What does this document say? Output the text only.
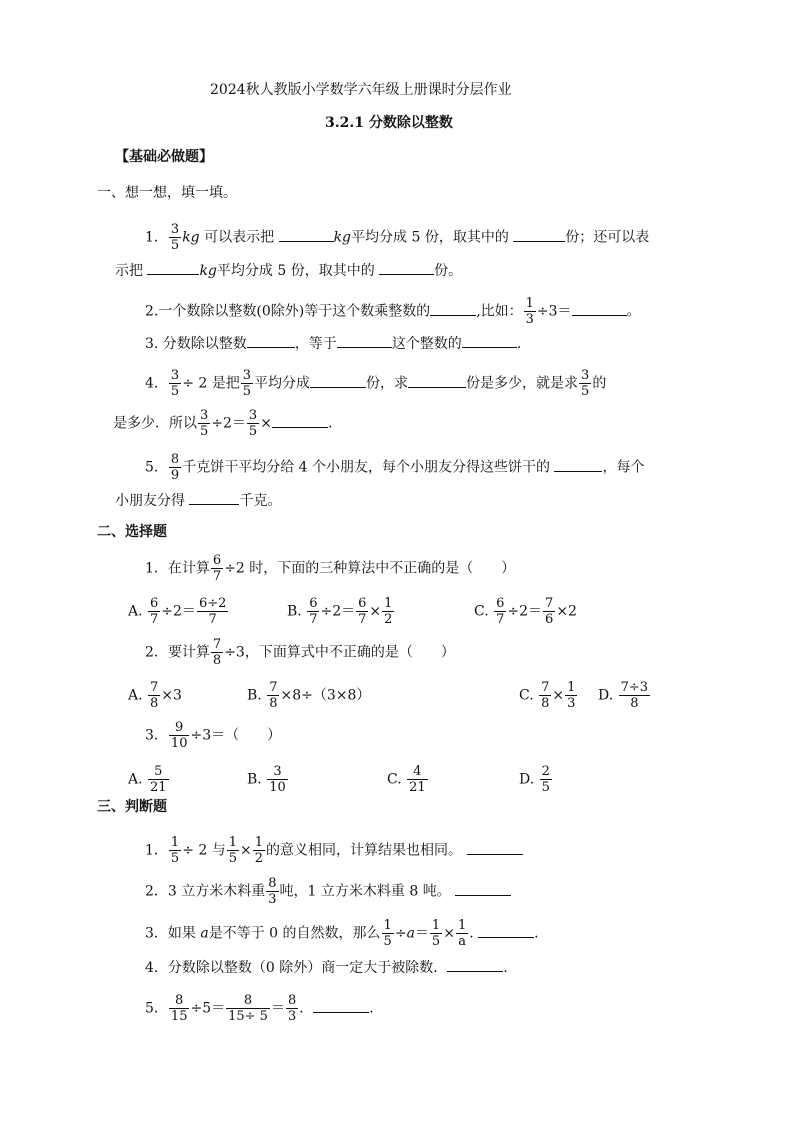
2024秋人教版小学数学六年级上册课时分层作业
3.2.1 分数除以整数
【基础必做题】
一、想一想，填一填。
1． $\frac{3}{5}$ kg 可以表示把	kg平均分成 5 份，取其中的	份；还可以表
示把	kg平均分成 5 份，取其中的	份。
2.一个数除以整数(0除外)等于这个数乘整数的	,比如： $\frac{1}{3} \div 3=$	。
3. 分数除以整数	，等于	这个整数的	.
4． $\frac{3}{5} \div 2$ 是把 $\frac{3}{5}$ 平均分成	份，求	份是多少，就是求 $\frac{3}{5}$ 的
是多少．所以 $\frac{3}{5} \div 2= \frac{3}{5}$ ×	.
5． $\frac{8}{9}$ 千克饼干平均分给 4 个小朋友，每个小朋友分得这些饼干的	，每个
小朋友分得	千克。
二、选择题
1．在计算 $\frac{6}{7} \div 2$ 时，下面的三种算法中不正确的是（　　）
A. $\frac{6}{7} \div 2= \frac{6\div 2}{7}$	B. $\frac{6}{7} \div 2= \frac{6}{7} \times \frac{1}{2}$	C. $\frac{6}{7} \div 2= \frac{7}{6} \times 2$
2．要计算 $\frac{7}{8} \div 3$，下面算式中不正确的是（　　）
A. $\frac{7}{8} \times 3$	B. $\frac{7}{8} \times 8\div(3\times 8)$	C. $\frac{7}{8} \times \frac{1}{3} D$. $\frac{7\div 3}{8}$
3． $\frac{9}{10} \div 3=$（　　）
A. $\frac{5}{21}$	B. $\frac{3}{10}$	C. $\frac{4}{21}$	D. $\frac{2}{5}$
三、判断题
1． $\frac{1}{5} \div 2$ 与 $\frac{1}{5} \times \frac{1}{2}$ 的意义相同，计算结果也相同。
2．3 立方米木料重 $\frac{8}{3}$ 吨，1 立方米木料重 8 吨。
3．如果 a是不等于 0 的自然数，那么 $\frac{1}{5} \div a= \frac{1}{5} \times \frac{1}{a}$ .	.
4．分数除以整数（0 除外）商一定大于被除数．	.
5． $\frac{8}{15} \div 5= \frac{8}{15\div 5} = \frac{8}{3}$ ．	.
